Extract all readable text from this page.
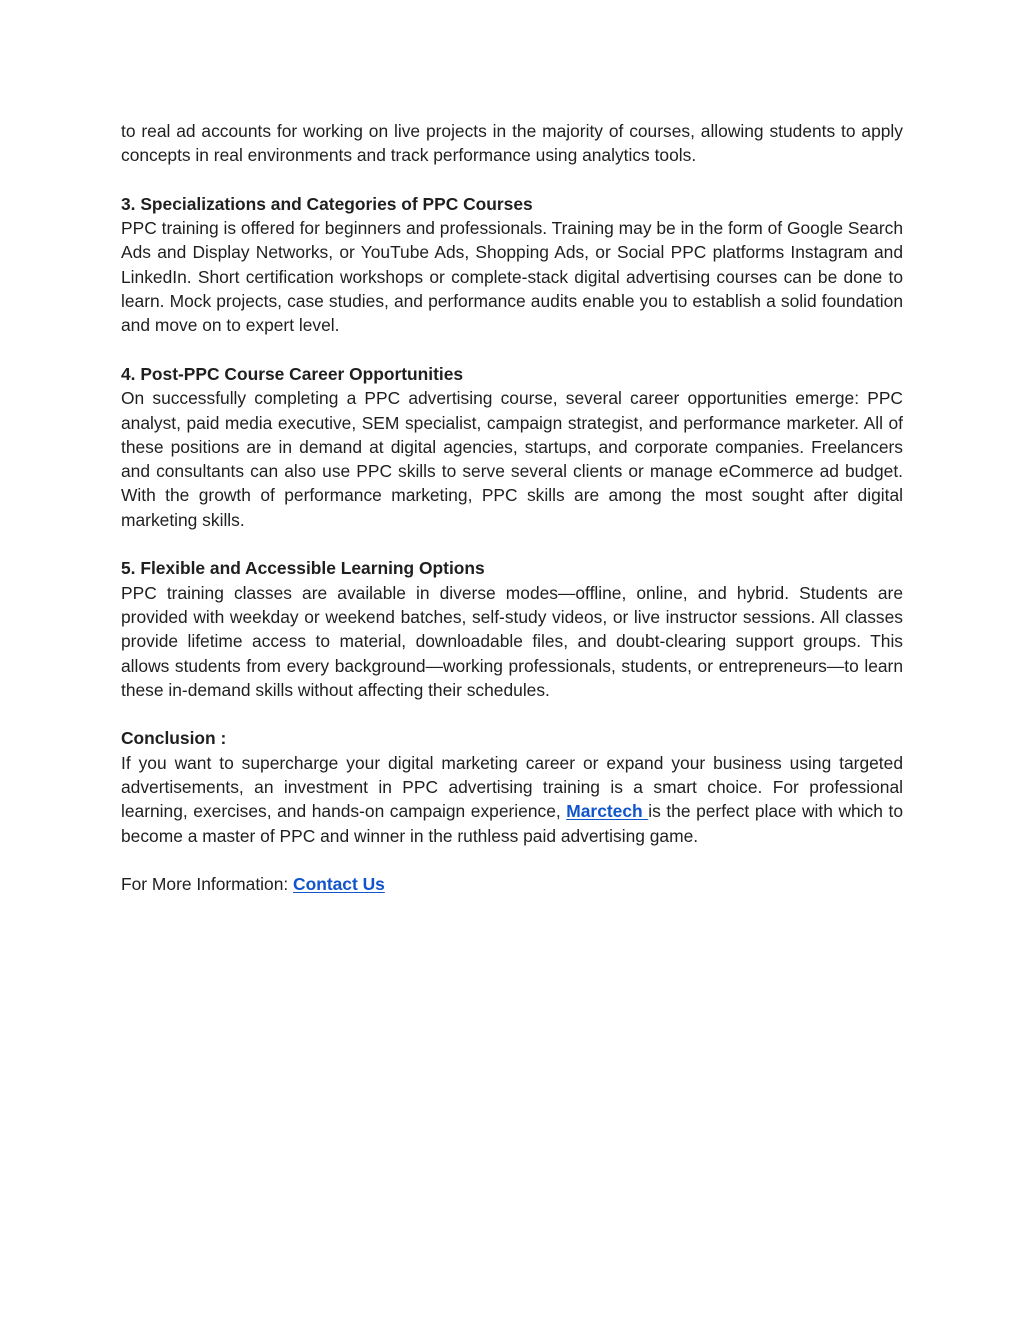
to real ad accounts for working on live projects in the majority of courses, allowing students to apply concepts in real environments and track performance using analytics tools.

3. Specializations and Categories of PPC Courses

PPC training is offered for beginners and professionals. Training may be in the form of Google Search Ads and Display Networks, or YouTube Ads, Shopping Ads, or Social PPC platforms Instagram and LinkedIn. Short certification workshops or complete-stack digital advertising courses can be done to learn. Mock projects, case studies, and performance audits enable you to establish a solid foundation and move on to expert level.

4. Post-PPC Course Career Opportunities

On successfully completing a PPC advertising course, several career opportunities emerge: PPC analyst, paid media executive, SEM specialist, campaign strategist, and performance marketer. All of these positions are in demand at digital agencies, startups, and corporate companies. Freelancers and consultants can also use PPC skills to serve several clients or manage eCommerce ad budget. With the growth of performance marketing, PPC skills are among the most sought after digital marketing skills.

5. Flexible and Accessible Learning Options

PPC training classes are available in diverse modes—offline, online, and hybrid. Students are provided with weekday or weekend batches, self-study videos, or live instructor sessions. All classes provide lifetime access to material, downloadable files, and doubt-clearing support groups. This allows students from every background—working professionals, students, or entrepreneurs—to learn these in-demand skills without affecting their schedules.

Conclusion :

If you want to supercharge your digital marketing career or expand your business using targeted advertisements, an investment in PPC advertising training is a smart choice. For professional learning, exercises, and hands-on campaign experience, Marctech is the perfect place with which to become a master of PPC and winner in the ruthless paid advertising game.

For More Information: Contact Us
